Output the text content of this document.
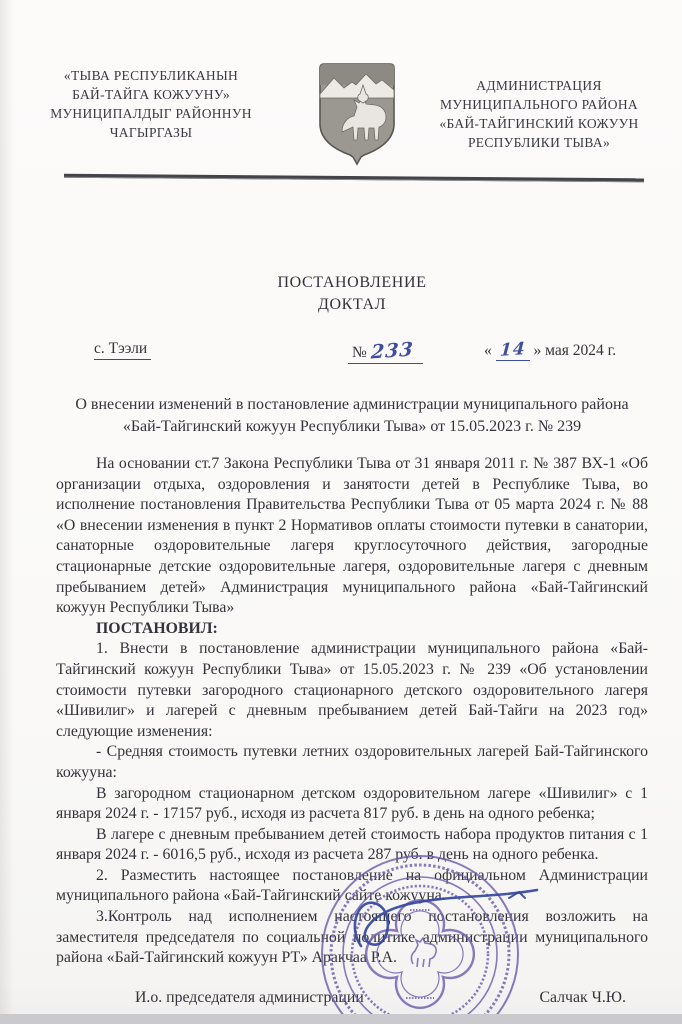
«ТЫВА РЕСПУБЛИКАНЫН
БАЙ-ТАЙГА КОЖУУНУ»
МУНИЦИПАЛДЫГ РАЙОННУН
ЧАГЫРГАЗЫ
АДМИНИСТРАЦИЯ
МУНИЦИПАЛЬНОГО РАЙОНА
«БАЙ-ТАЙГИНСКИЙ КОЖУУН
РЕСПУБЛИКИ ТЫВА»
ПОСТАНОВЛЕНИЕ
ДОКТАЛ
с. Тээли	№ 233	« 14 » мая 2024 г.
О внесении изменений в постановление администрации муниципального района «Бай-Тайгинский кожуун Республики Тыва» от 15.05.2023 г. № 239

На основании ст.7 Закона Республики Тыва от 31 января 2011 г. № 387 ВХ-1 «Об организации отдыха, оздоровления и занятости детей в Республике Тыва, во исполнение постановления Правительства Республики Тыва от 05 марта 2024 г. № 88 «О внесении изменения в пункт 2 Нормативов оплаты стоимости путевки в санатории, санаторные оздоровительные лагеря круглосуточного действия, загородные стационарные детские оздоровительные лагеря, оздоровительные лагеря с дневным пребыванием детей» Администрация муниципального района «Бай-Тайгинский кожуун Республики Тыва»

ПОСТАНОВИЛ:

1. Внести в постановление администрации муниципального района «Бай-Тайгинский кожуун Республики Тыва» от 15.05.2023 г. № 239 «Об установлении стоимости путевки загородного стационарного детского оздоровительного лагеря «Шивилиг» и лагерей с дневным пребыванием детей Бай-Тайги на 2023 год» следующие изменения:

- Средняя стоимость путевки летних оздоровительных лагерей Бай-Тайгинского кожууна:

В загородном стационарном детском оздоровительном лагере «Шивилиг» с 1 января 2024 г. - 17157 руб., исходя из расчета 817 руб. в день на одного ребенка;

В лагере с дневным пребыванием детей стоимость набора продуктов питания с 1 января 2024 г. - 6016,5 руб., исходя из расчета 287 руб. в день на одного ребенка.

2. Разместить настоящее постановление на официальном Администрации муниципального района «Бай-Тайгинский сайте кожууна.

3.Контроль над исполнением настоящего постановления возложить на заместителя председателя по социальной политике администрации муниципального района «Бай-Тайгинский кожуун РТ» Аракчаа Р.А.

И.о. председателя администрации	Салчак Ч.Ю.
